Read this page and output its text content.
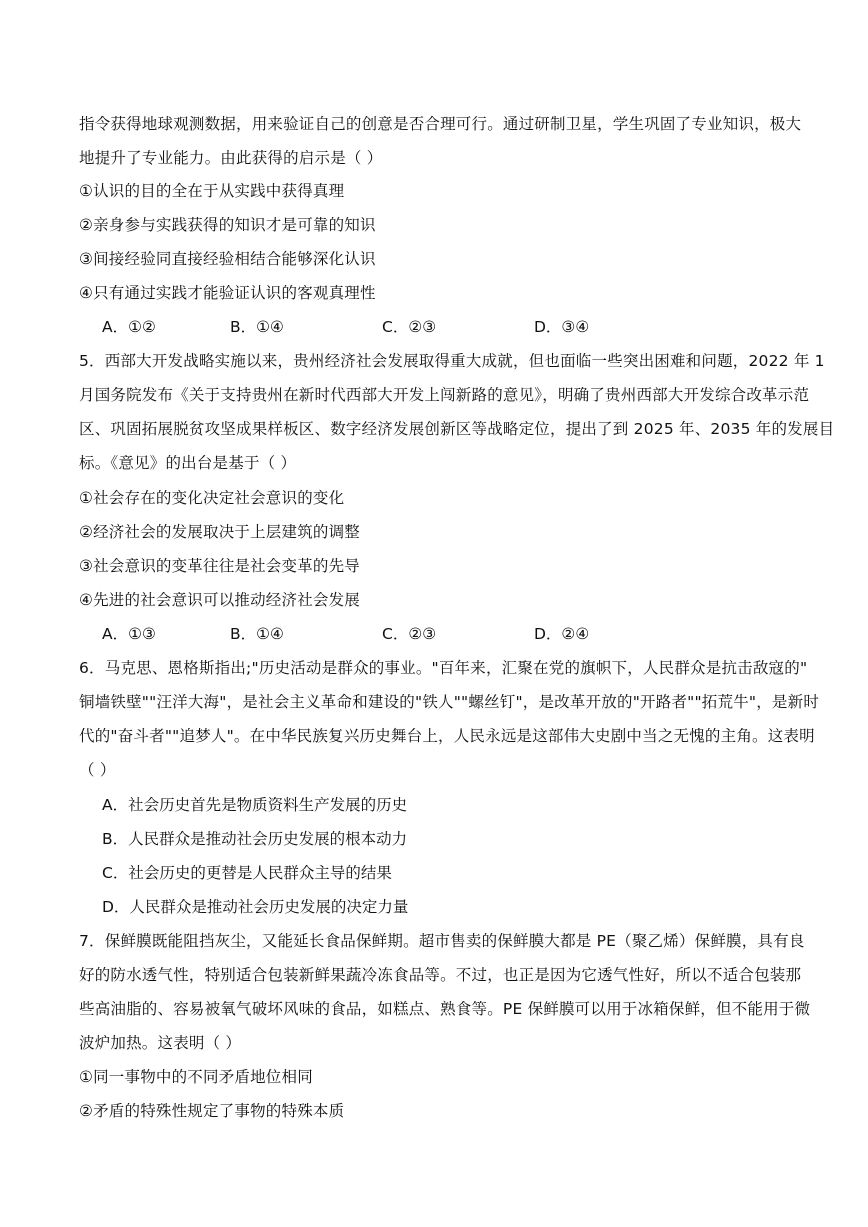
指令获得地球观测数据，用来验证自己的创意是否合理可行。通过研制卫星，学生巩固了专业知识，极大
地提升了专业能力。由此获得的启示是（ ）
①认识的目的全在于从实践中获得真理
②亲身参与实践获得的知识才是可靠的知识
③间接经验同直接经验相结合能够深化认识
④只有通过实践才能验证认识的客观真理性
A．①②	B．①④	C．②③	D．③④
5．西部大开发战略实施以来，贵州经济社会发展取得重大成就，但也面临一些突出困难和问题，2022 年 1
月国务院发布《关于支持贵州在新时代西部大开发上闯新路的意见》，明确了贵州西部大开发综合改革示范
区、巩固拓展脱贫攻坚成果样板区、数字经济发展创新区等战略定位，提出了到 2025 年、2035 年的发展目
标。《意见》的出台是基于（ ）
①社会存在的变化决定社会意识的变化
②经济社会的发展取决于上层建筑的调整
③社会意识的变革往往是社会变革的先导
④先进的社会意识可以推动经济社会发展
A．①③	B．①④	C．②③	D．②④
6．马克思、恩格斯指出;"历史活动是群众的事业。"百年来，汇聚在党的旗帜下，人民群众是抗击敌寇的"
铜墙铁壁""汪洋大海"，是社会主义革命和建设的"铁人""螺丝钉"，是改革开放的"开路者""拓荒牛"，是新时
代的"奋斗者""追梦人"。在中华民族复兴历史舞台上，人民永远是这部伟大史剧中当之无愧的主角。这表明
（ ）
A．社会历史首先是物质资料生产发展的历史
B．人民群众是推动社会历史发展的根本动力
C．社会历史的更替是人民群众主导的结果
D．人民群众是推动社会历史发展的决定力量
7．保鲜膜既能阻挡灰尘，又能延长食品保鲜期。超市售卖的保鲜膜大都是 PE（聚乙烯）保鲜膜，具有良
好的防水透气性，特别适合包装新鲜果蔬冷冻食品等。不过，也正是因为它透气性好，所以不适合包装那
些高油脂的、容易被氧气破坏风味的食品，如糕点、熟食等。PE 保鲜膜可以用于冰箱保鲜，但不能用于微
波炉加热。这表明（ ）
①同一事物中的不同矛盾地位相同
②矛盾的特殊性规定了事物的特殊本质
